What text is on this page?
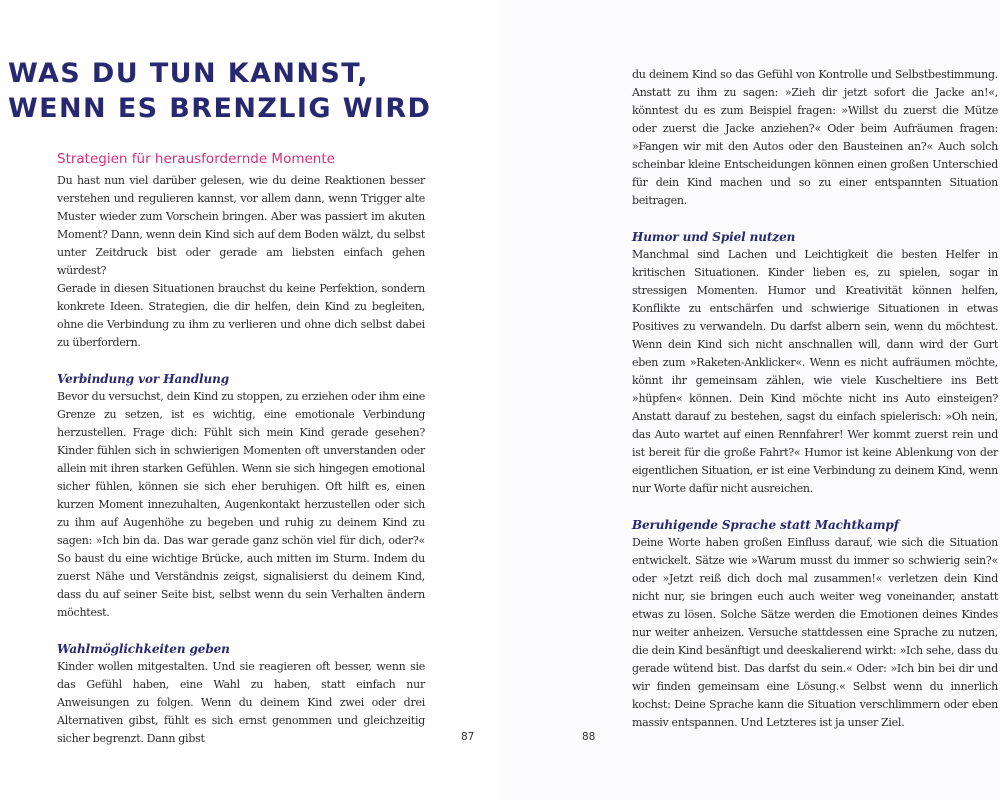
WAS DU TUN KANNST,
WENN ES BRENZLIG WIRD
Strategien für herausfordernde Momente

Du hast nun viel darüber gelesen, wie du deine Reaktionen besser verstehen und regulieren kannst, vor allem dann, wenn Trigger alte Muster wieder zum Vorschein bringen. Aber was passiert im akuten Moment? Dann, wenn dein Kind sich auf dem Boden wälzt, du selbst unter Zeitdruck bist oder gerade am liebsten einfach gehen würdest?

Gerade in diesen Situationen brauchst du keine Perfektion, sondern konkrete Ideen. Strategien, die dir helfen, dein Kind zu begleiten, ohne die Verbindung zu ihm zu verlieren und ohne dich selbst dabei zu überfordern.

Verbindung vor Handlung

Bevor du versuchst, dein Kind zu stoppen, zu erziehen oder ihm eine Grenze zu setzen, ist es wichtig, eine emotionale Verbindung herzustellen. Frage dich: Fühlt sich mein Kind gerade gesehen? Kinder fühlen sich in schwierigen Momenten oft unverstanden oder allein mit ihren starken Gefühlen. Wenn sie sich hingegen emotional sicher fühlen, können sie sich eher beruhigen. Oft hilft es, einen kurzen Moment innezuhalten, Augenkontakt herzustellen oder sich zu ihm auf Augenhöhe zu begeben und ruhig zu deinem Kind zu sagen: »Ich bin da. Das war gerade ganz schön viel für dich, oder?« So baust du eine wichtige Brücke, auch mitten im Sturm. Indem du zuerst Nähe und Verständnis zeigst, signalisierst du deinem Kind, dass du auf seiner Seite bist, selbst wenn du sein Verhalten ändern möchtest.

Wahlmöglichkeiten geben

Kinder wollen mitgestalten. Und sie reagieren oft besser, wenn sie das Gefühl haben, eine Wahl zu haben, statt einfach nur Anweisungen zu folgen. Wenn du deinem Kind zwei oder drei Alternativen gibst, fühlt es sich ernst genommen und gleichzeitig sicher begrenzt. Dann gibst	87

du deinem Kind so das Gefühl von Kontrolle und Selbstbestimmung. Anstatt zu ihm zu sagen: »Zieh dir jetzt sofort die Jacke an!«, könntest du es zum Beispiel fragen: »Willst du zuerst die Mütze oder zuerst die Jacke anziehen?« Oder beim Aufräumen fragen: »Fangen wir mit den Autos oder den Bausteinen an?« Auch solch scheinbar kleine Entscheidungen können einen großen Unterschied für dein Kind machen und so zu einer entspannten Situation beitragen.

Humor und Spiel nutzen

Manchmal sind Lachen und Leichtigkeit die besten Helfer in kritischen Situationen. Kinder lieben es, zu spielen, sogar in stressigen Momenten. Humor und Kreativität können helfen, Konflikte zu entschärfen und schwierige Situationen in etwas Positives zu verwandeln. Du darfst albern sein, wenn du möchtest. Wenn dein Kind sich nicht anschnallen will, dann wird der Gurt eben zum »Raketen-Anklicker«. Wenn es nicht aufräumen möchte, könnt ihr gemeinsam zählen, wie viele Kuscheltiere ins Bett »hüpfen« können. Dein Kind möchte nicht ins Auto einsteigen? Anstatt darauf zu bestehen, sagst du einfach spielerisch: »Oh nein, das Auto wartet auf einen Rennfahrer! Wer kommt zuerst rein und ist bereit für die große Fahrt?« Humor ist keine Ablenkung von der eigentlichen Situation, er ist eine Verbindung zu deinem Kind, wenn nur Worte dafür nicht ausreichen.

Beruhigende Sprache statt Machtkampf

Deine Worte haben großen Einfluss darauf, wie sich die Situation entwickelt. Sätze wie »Warum musst du immer so schwierig sein?« oder »Jetzt reiß dich doch mal zusammen!« verletzen dein Kind nicht nur, sie bringen euch auch weiter weg voneinander, anstatt etwas zu lösen. Solche Sätze werden die Emotionen deines Kindes nur weiter anheizen. Versuche stattdessen eine Sprache zu nutzen, die dein Kind besänftigt und deeskalierend wirkt: »Ich sehe, dass du gerade wütend bist. Das darfst du sein.« Oder: »Ich bin bei dir und wir finden gemeinsam eine Lösung.« Selbst wenn du innerlich kochst: Deine Sprache kann die Situation verschlimmern oder eben massiv entspannen. Und Letzteres ist ja unser Ziel.

88
